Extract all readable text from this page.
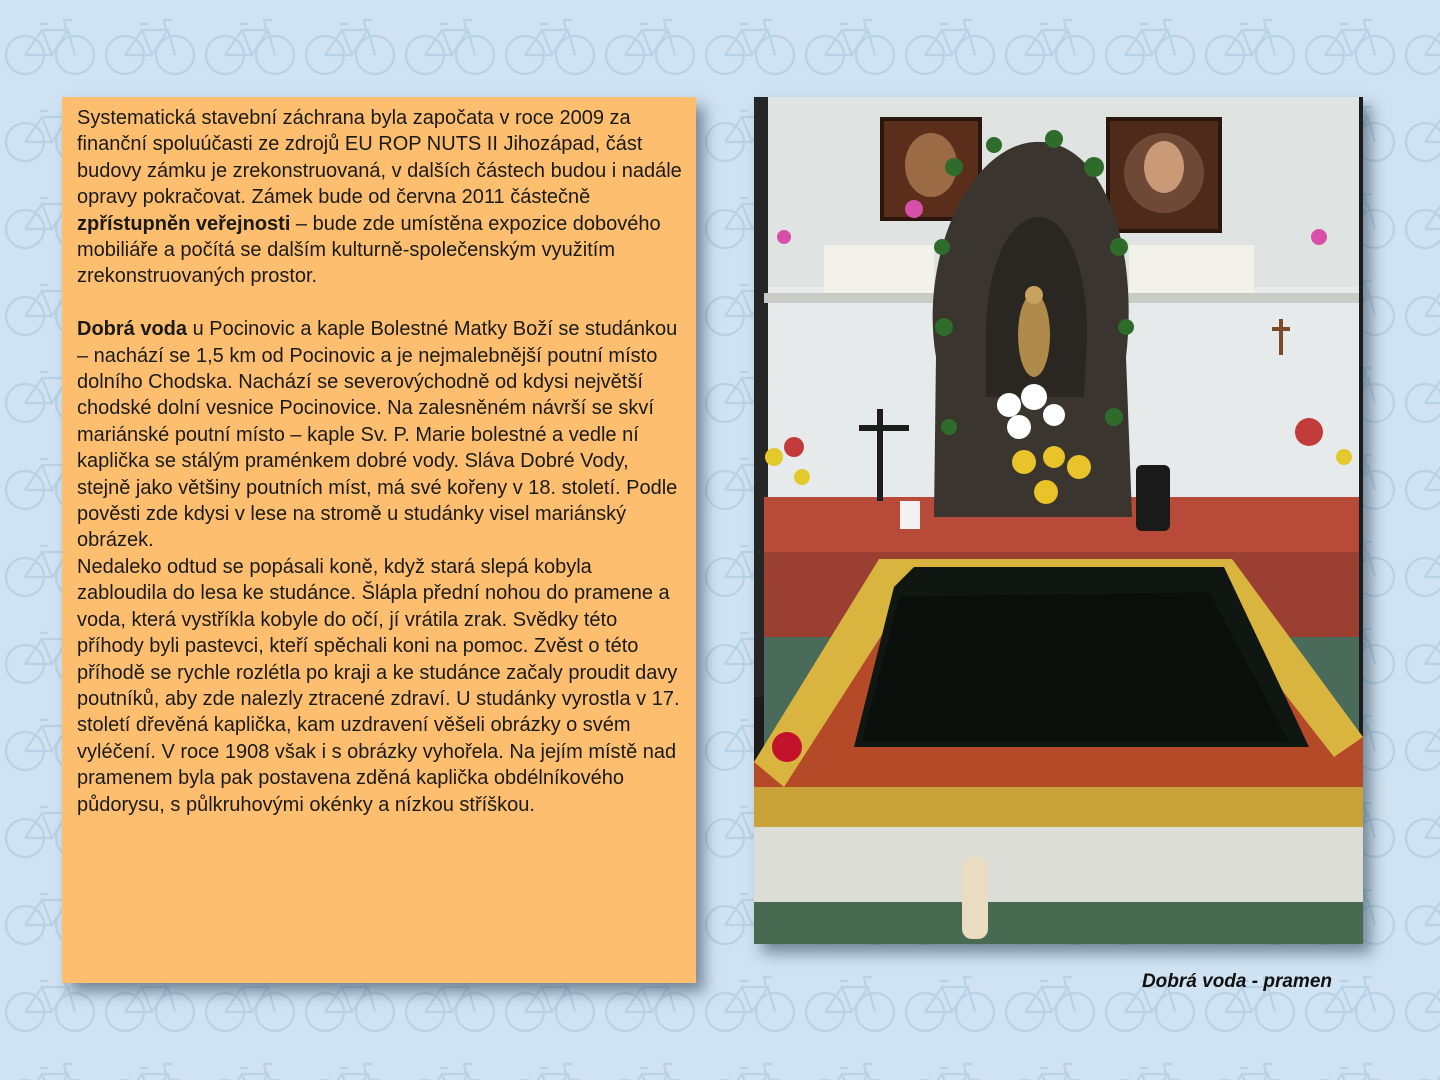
Systematická stavební záchrana byla započata v roce 2009 za finanční spoluúčasti ze zdrojů EU ROP NUTS II Jihozápad, část budovy zámku je zrekonstruovaná, v dalších částech budou i nadále opravy pokračovat. Zámek bude od června 2011 částečně zpřístupněn veřejnosti – bude zde umístěna expozice dobového mobiliáře a počítá se dalším kulturně-společenským využitím zrekonstruovaných prostor.

Dobrá voda u Pocinovic a kaple Bolestné Matky Boží se studánkou – nachází se 1,5 km od Pocinovic a je nejmalebnější poutní místo dolního Chodska. Nachází se severovýchodně od kdysi největší chodské dolní vesnice Pocinovice. Na zalesněném návrší se skví mariánské poutní místo – kaple Sv. P. Marie bolestné a vedle ní kaplička se stálým praménkem dobré vody. Sláva Dobré Vody, stejně jako většiny poutních míst, má své kořeny v 18. století. Podle pověsti zde kdysi v lese na stromě u studánky visel mariánský obrázek.

Nedaleko odtud se popásali koně, když stará slepá kobyla zabloudila do lesa ke studánce. Šlápla přední nohou do pramene a voda, která vystříkla kobyle do očí, jí vrátila zrak. Svědky této příhody byli pastevci, kteří spěchali koni na pomoc. Zvěst o této příhodě se rychle rozlétla po kraji a ke studánce začaly proudit davy poutníků, aby zde nalezly ztracené zdraví. U studánky vyrostla v 17. století dřevěná kaplička, kam uzdravení věšeli obrázky o svém vyléčení. V roce 1908 však i s obrázky vyhořela. Na jejím místě nad pramenem byla pak postavena zděná kaplička obdélníkového půdorysu, s půlkruhovými okénky a nízkou stříškou.

Dobrá voda - pramen
